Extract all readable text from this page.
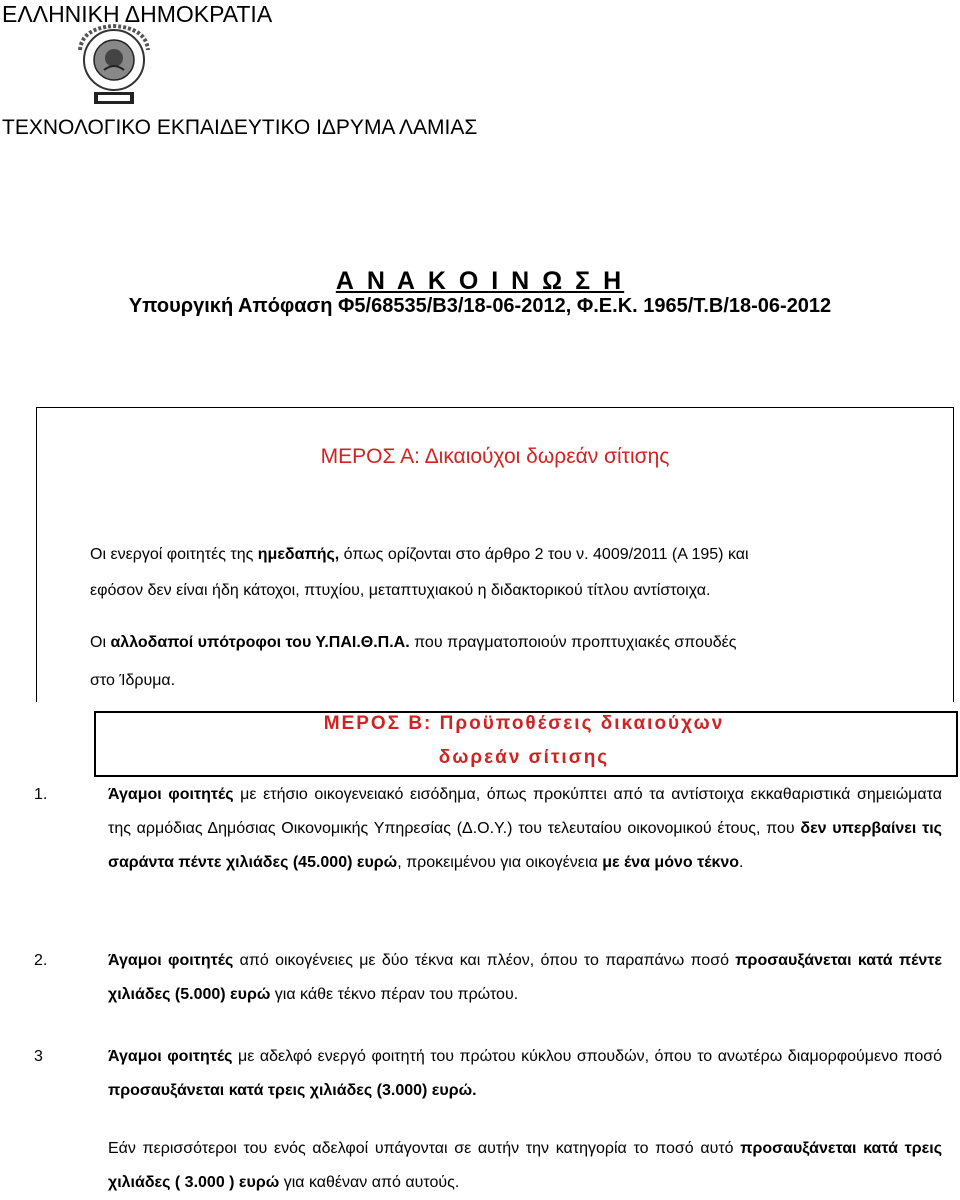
ΕΛΛΗΝΙΚΗ ΔΗΜΟΚΡΑΤΙΑ
ΤΕΧΝΟΛΟΓΙΚΟ ΕΚΠΑΙΔΕΥΤΙΚΟ ΙΔΡΥΜΑ ΛΑΜΙΑΣ
Α Ν Α Κ Ο Ι Ν Ω Σ Η
Υπουργική Απόφαση Φ5/68535/Β3/18-06-2012, Φ.Ε.Κ. 1965/Τ.Β/18-06-2012
ΜΕΡΟΣ Α: Δικαιούχοι δωρεάν σίτισης
Οι ενεργοί φοιτητές της ημεδαπής, όπως ορίζονται στο άρθρο 2 του ν. 4009/2011 (Α 195) και
εφόσον δεν είναι ήδη κάτοχοι, πτυχίου, μεταπτυχιακού η διδακτορικού τίτλου αντίστοιχα.
Οι αλλοδαποί υπότροφοι του Υ.ΠΑΙ.Θ.Π.Α. που πραγματοποιούν προπτυχιακές σπουδές
στο Ίδρυμα.
ΜΕΡΟΣ Β: Προϋποθέσεις δικαιούχων
δωρεάν σίτισης
1.	Άγαμοι φοιτητές με ετήσιο οικογενειακό εισόδημα, όπως προκύπτει από τα αντίστοιχα εκκαθαριστικά σημειώματα της αρμόδιας Δημόσιας Οικονομικής Υπηρεσίας (Δ.Ο.Υ.) του τελευταίου οικονομικού έτους, που δεν υπερβαίνει τις σαράντα πέντε χιλιάδες (45.000) ευρώ, προκειμένου για οικογένεια με ένα μόνο τέκνο.
2.	Άγαμοι φοιτητές από οικογένειες με δύο τέκνα και πλέον, όπου το παραπάνω ποσό προσαυξάνεται κατά πέντε χιλιάδες (5.000) ευρώ για κάθε τέκνο πέραν του πρώτου.
3	Άγαμοι φοιτητές με αδελφό ενεργό φοιτητή του πρώτου κύκλου σπουδών, όπου το ανωτέρω διαμορφούμενο ποσό προσαυξάνεται κατά τρεις χιλιάδες (3.000) ευρώ.
Εάν περισσότεροι του ενός αδελφοί υπάγονται σε αυτήν την κατηγορία το ποσό αυτό προσαυξάνεται κατά τρεις χιλιάδες ( 3.000 ) ευρώ για καθέναν από αυτούς.
